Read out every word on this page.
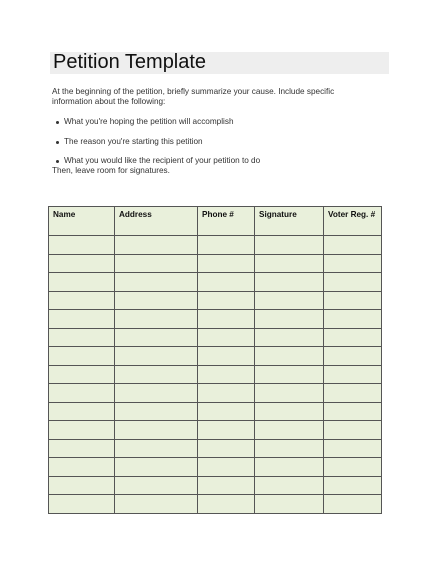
Petition Template
At the beginning of the petition, briefly summarize your cause. Include specific information about the following:
What you're hoping the petition will accomplish
The reason you're starting this petition
What you would like the recipient of your petition to do
Then, leave room for signatures.
Name	Address	Phone #	Signature	Voter Reg. #
